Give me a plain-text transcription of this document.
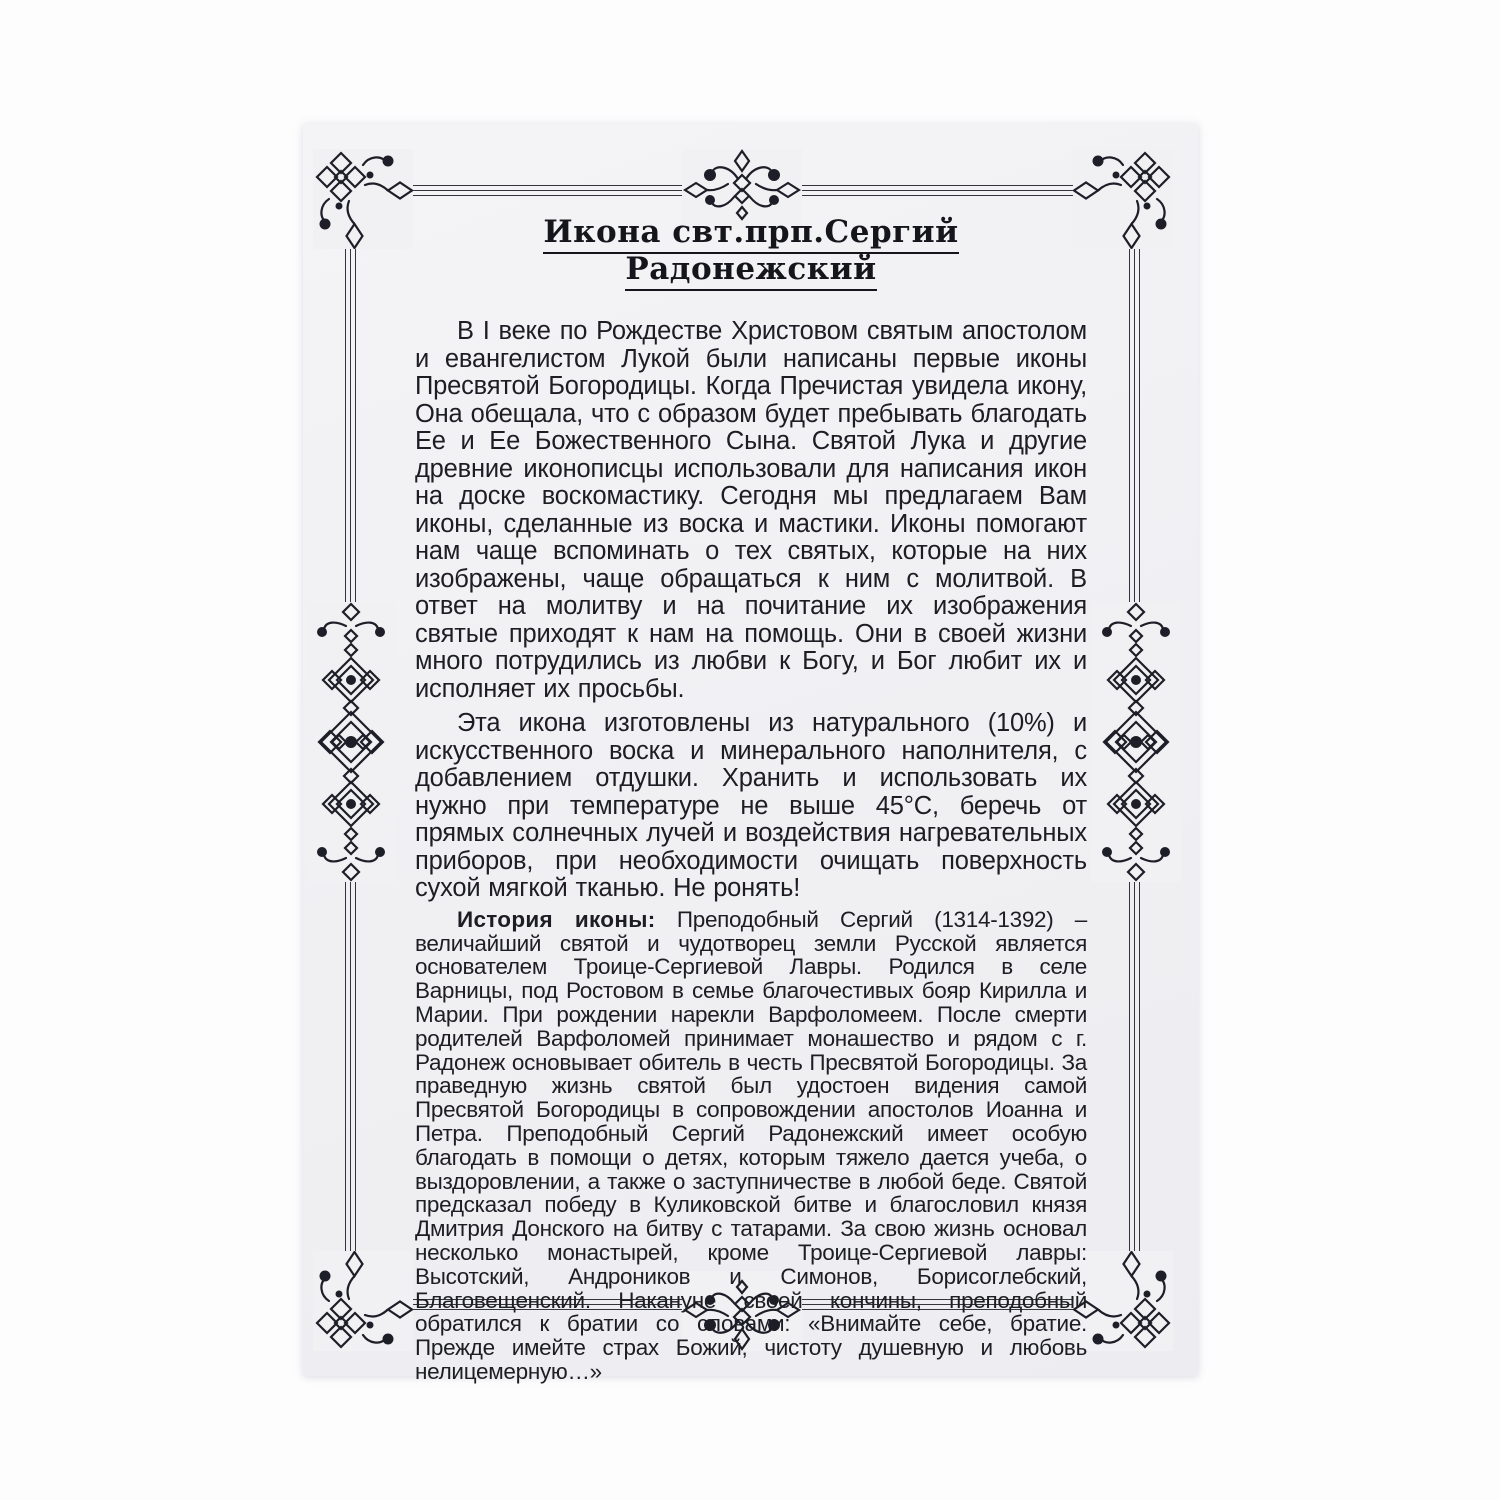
Икона свт.прп.Сергий Радонежский

В I веке по Рождестве Христовом святым апостолом и евангелистом Лукой были написаны первые иконы Пресвятой Богородицы. Когда Пречистая увидела икону, Она обещала, что с образом будет пребывать благодать Ее и Ее Божественного Сына. Святой Лука и другие древние иконописцы использовали для написания икон на доске воскомастику. Сегодня мы предлагаем Вам иконы, сделанные из воска и мастики. Иконы помогают нам чаще вспоминать о тех святых, которые на них изображены, чаще обращаться к ним с молитвой. В ответ на молитву и на почитание их изображения святые приходят к нам на помощь. Они в своей жизни много потрудились из любви к Богу, и Бог любит их и исполняет их просьбы.

Эта икона изготовлены из натурального (10%) и искусственного воска и минерального наполнителя, с добавлением отдушки. Хранить и использовать их нужно при температуре не выше 45°С, беречь от прямых солнечных лучей и воздействия нагревательных приборов, при необходимости очищать поверхность сухой мягкой тканью. Не ронять!

История иконы: Преподобный Сергий (1314-1392) – величайший святой и чудотворец земли Русской является основателем Троице-Сергиевой Лавры. Родился в селе Варницы, под Ростовом в семье благочестивых бояр Кирилла и Марии. При рождении нарекли Варфоломеем. После смерти родителей Варфоломей принимает монашество и рядом с г. Радонеж основывает обитель в честь Пресвятой Богородицы. За праведную жизнь святой был удостоен видения самой Пресвятой Богородицы в сопровождении апостолов Иоанна и Петра. Преподобный Сергий Радонежский имеет особую благодать в помощи о детях, которым тяжело дается учеба, о выздоровлении, а также о заступничестве в любой беде. Святой предсказал победу в Куликовской битве и благословил князя Дмитрия Донского на битву с татарами. За свою жизнь основал несколько монастырей, кроме Троице-Сергиевой лавры: Высотский, Андроников и Симонов, Борисоглебский, Благовещенский. Накануне своей кончины, преподобный обратился к братии со словами: «Внимайте себе, братие. Прежде имейте страх Божий, чистоту душевную и любовь нелицемерную…»
